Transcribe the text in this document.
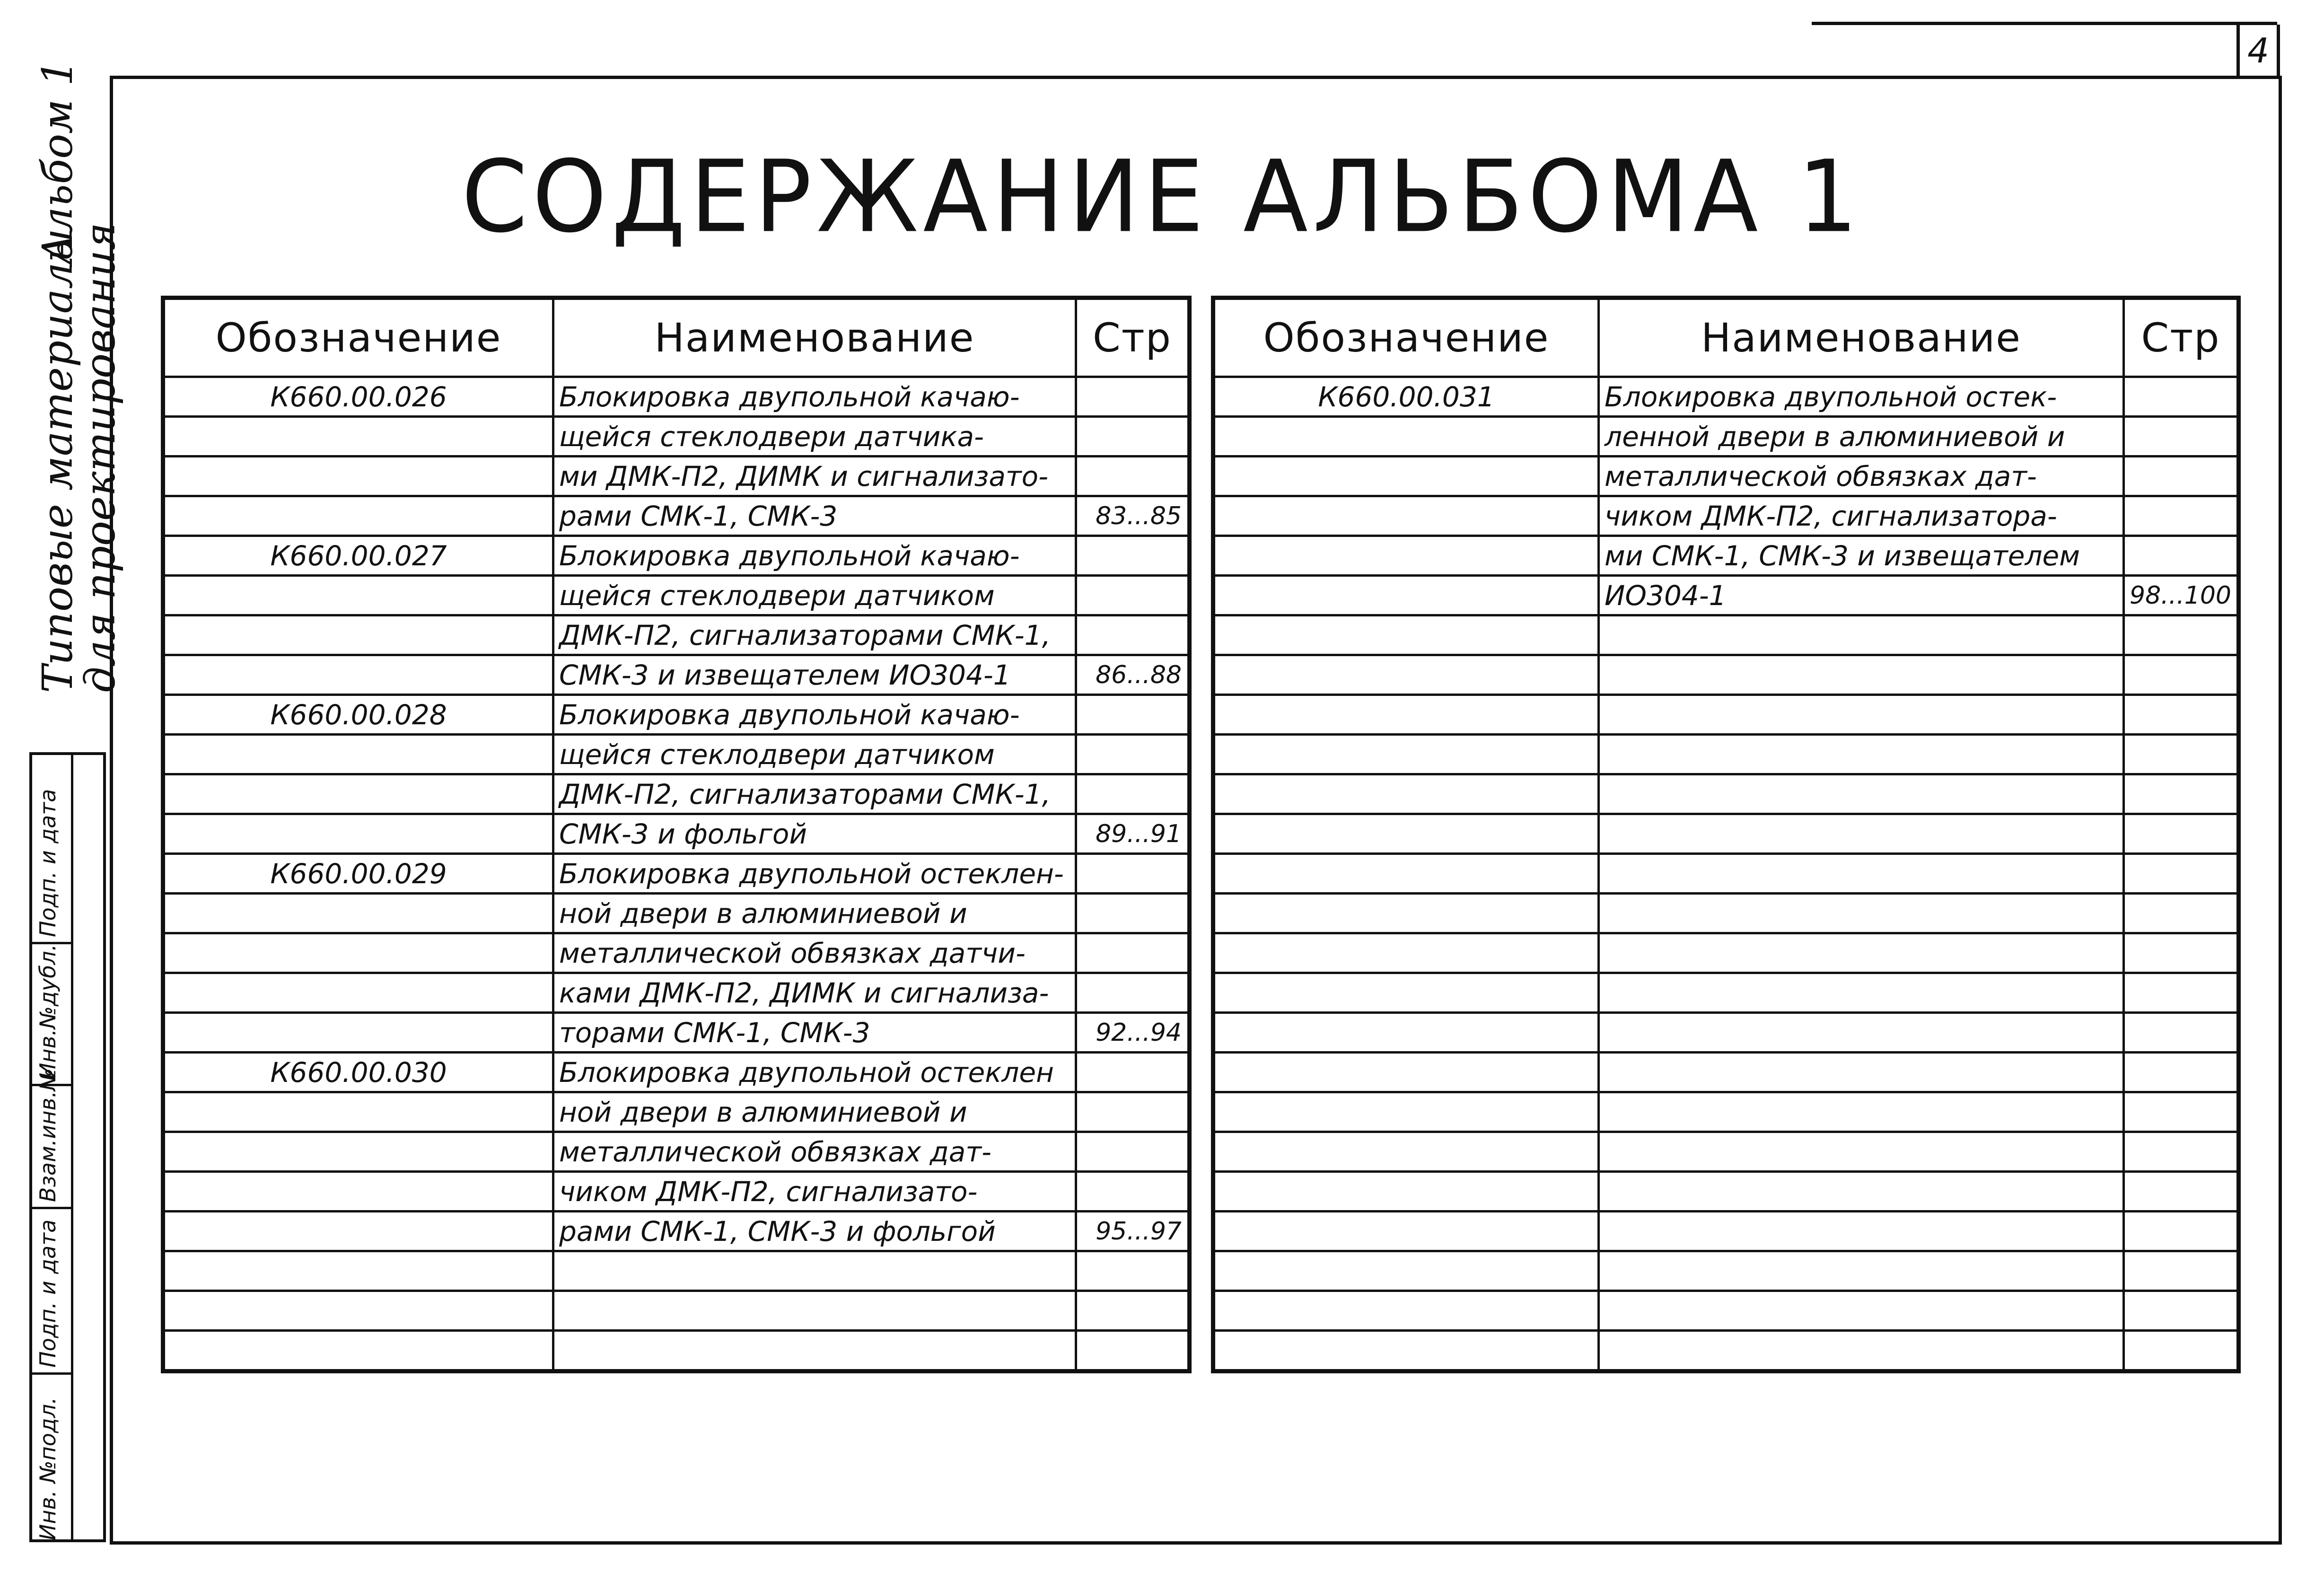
4
Типовые материалы
для проектирования
Альбом 1
Инв. №подл.
Подп. и дата
Взам.инв.№
Инв.№дубл.
Подп. и дата
СОДЕРЖАНИЕ АЛЬБОМА 1
Обозначение	Наименование	Стр
К660.00.026	Блокировка двупольной качаю-	
	щейся стеклодвери датчика-	
	ми ДМК-П2, ДИМК и сигнализато-	
	рами СМК-1, СМК-3	83...85
К660.00.027	Блокировка двупольной качаю-	
	щейся стеклодвери датчиком	
	ДМК-П2, сигнализаторами СМК-1,	
	СМК-3 и извещателем ИО304-1	86...88
К660.00.028	Блокировка двупольной качаю-	
	щейся стеклодвери датчиком	
	ДМК-П2, сигнализаторами СМК-1,	
	СМК-3 и фольгой	89...91
К660.00.029	Блокировка двупольной остеклен-	
	ной двери в алюминиевой и	
	металлической обвязках датчи-	
	ками ДМК-П2, ДИМК и сигнализа-	
	торами СМК-1, СМК-3	92...94
К660.00.030	Блокировка двупольной остеклен	
	ной двери в алюминиевой и	
	металлической обвязках дат-	
	чиком ДМК-П2, сигнализато-	
	рами СМК-1, СМК-3 и фольгой	95...97

Обозначение	Наименование	Стр
К660.00.031	Блокировка двупольной остек-	
	ленной двери в алюминиевой и	
	металлической обвязках дат-	
	чиком ДМК-П2, сигнализатора-	
	ми СМК-1, СМК-3 и извещателем	
	ИО304-1	98...100
